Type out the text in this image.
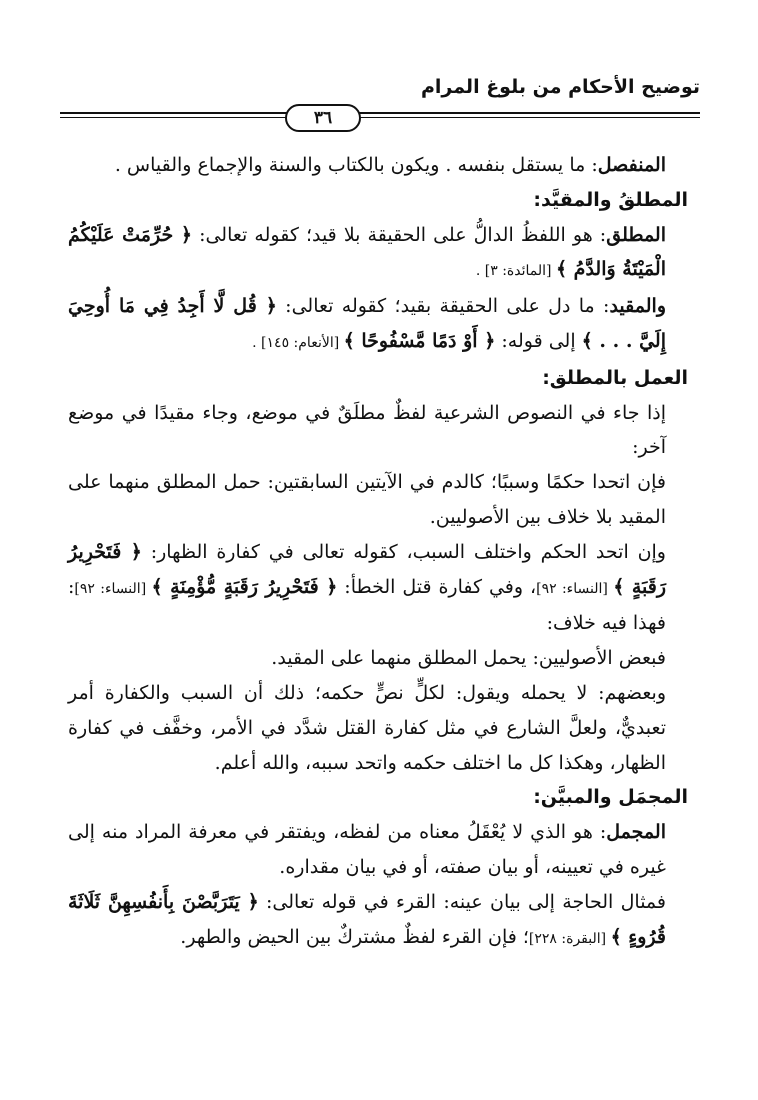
توضيح الأحكام من بلوغ المرام
٣٦

المنفصل: ما يستقل بنفسه . ويكون بالكتاب والسنة والإجماع والقياس .

المطلقُ والمقيَّد:

المطلق: هو اللفظُ الدالُّ على الحقيقة بلا قيد؛ كقوله تعالى: ﴿ حُرِّمَتْ عَلَيْكُمُ الْمَيْتَةُ وَالدَّمُ ﴾ [المائدة: ٣] .

والمقيد: ما دل على الحقيقة بقيد؛ كقوله تعالى: ﴿ قُل لَّا أَجِدُ فِي مَا أُوحِيَ إِلَيَّ . . . ﴾ إلى قوله: ﴿ أَوْ دَمًا مَّسْفُوحًا ﴾ [الأنعام: ١٤٥] .

العمل بالمطلق:

إذا جاء في النصوص الشرعية لفظٌ مطلَقٌ في موضع، وجاء مقيدًا في موضع آخر:

فإن اتحدا حكمًا وسببًا؛ كالدم في الآيتين السابقتين: حمل المطلق منهما على المقيد بلا خلاف بين الأصوليين.

وإن اتحد الحكم واختلف السبب، كقوله تعالى في كفارة الظهار: ﴿ فَتَحْرِيرُ رَقَبَةٍ ﴾ [النساء: ٩٢]، وفي كفارة قتل الخطأ: ﴿ فَتَحْرِيرُ رَقَبَةٍ مُّؤْمِنَةٍ ﴾ [النساء: ٩٢]: فهذا فيه خلاف:

فبعض الأصوليين: يحمل المطلق منهما على المقيد.

وبعضهم: لا يحمله ويقول: لكلٍّ نصٍّ حكمه؛ ذلك أن السبب والكفارة أمر تعبديٌّ، ولعلَّ الشارع في مثل كفارة القتل شدَّد في الأمر، وخفَّف في كفارة الظهار، وهكذا كل ما اختلف حكمه واتحد سببه، والله أعلم.

المجمَل والمبيَّن:

المجمل: هو الذي لا يُعْقَلُ معناه من لفظه، ويفتقر في معرفة المراد منه إلى غيره في تعيينه، أو بيان صفته، أو في بيان مقداره.

فمثال الحاجة إلى بيان عينه: القرء في قوله تعالى: ﴿ يَتَرَبَّصْنَ بِأَنفُسِهِنَّ ثَلَاثَةَ قُرُوءٍ ﴾ [البقرة: ٢٢٨]؛ فإن القرء لفظٌ مشتركٌ بين الحيض والطهر.
